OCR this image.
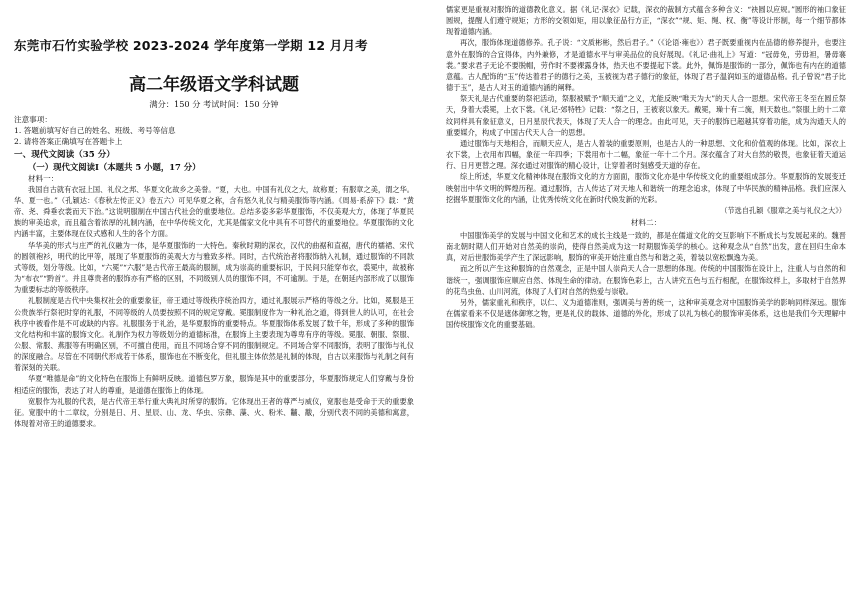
东莞市石竹实验学校 2023-2024 学年度第一学期 12 月月考
高二年级语文学科试题
满分：150 分 考试时间：150 分钟

注意事项：

1. 答题前填写好自己的姓名、班级、考号等信息

2. 请将答案正确填写在答题卡上

一、现代文阅读（35 分）

（一）现代文阅读Ⅰ（本题共 5 小题，17 分）

材料一：

我国自古就有衣冠上国、礼仪之邦、华夏文化故乡之美誉。“夏，大也。中国有礼仪之大，故称夏；有服章之美，谓之华。华、夏一也。”（孔颖达：《春秋左传正义》卷五六）可见华夏之称，含有悠久礼仪与精美服饰等内涵。《周易·系辞下》载：“黄帝、尧、舜垂衣裳而天下治。”这说明服制在中国古代社会的重要地位。总结多姿多彩华夏服饰，不仅美观大方，体现了华夏民族的审美追求，而且蕴含着浓厚的礼制内涵，在中华传统文化，尤其是儒家文化中具有不可替代的重要地位。华夏服饰的文化内涵丰富，主要体现在仪式感和人生的各个方面。

华华美的形式与庄严的礼仪融为一体，是华夏服饰的一大特色。秦秋时期的深衣，汉代的曲裾和直裾，唐代的襦裙、宋代的圆领袍衫，明代的比甲等，展现了华夏服饰的美观大方与雅致多样。同时，古代统治者将服饰纳入礼制，通过服饰的不同款式等级，划分等级。比如，“六冕”“六服”是古代帝王最高的服制，成为崇高的重要标识，于民间只能穿布衣，裘冕中，故被称为“布衣”“黔首”。并且尊贵者的服饰亦有严格的区别，不同级别人员的服饰不同，不可逾制。于是，在朝延内部形成了以服饰为重要标志的等级秩序。

礼服制度是古代中央集权社会的重要象征，帝王通过等级秩序统治四方，通过礼服展示严格的等级之分。比如，冕服是王公贵族举行祭祀时穿的礼服，不同等级的人员要按照不同的规定穿戴。冕服制度作为一种礼治之道，得到世人的认可，在社会秩序中被看作是不可或缺的内容。礼服服务于礼治，是华夏服饰的重要特点。华夏服饰体系发展了数千年，形成了多种的服饰文化结构和丰富的服饰文化。礼制作为权力等级划分的道德标准，在服饰上主要表现为尊卑有序的等级。冕服、朝服、祭服、公服、常服、燕服等有明确区别，不可擅自使用，而且不同场合穿不同的服制规定。不同场合穿不同服饰，表明了服饰与礼仪的深度融合。尽管在不同朝代形成若干体系，服饰也在不断变化，但礼服主体依然是礼制的体现，自古以来服饰与礼制之间有着深刻的关联。

华夏“唯德是命”的文化特色在服饰上有鲜明反映。道德包罗万象，服饰是其中的重要部分，华夏服饰规定人们穿戴与身份相适应的服饰，表达了对人的尊重，是道德在服饰上的体现。

宽服作为礼服的代表，是古代帝王举行重大典礼时所穿的服饰。它体现出王者的尊严与威仪，宽服也是受命于天的重要象征。宽服中的十二章纹，分别是日、月、星辰、山、龙、华虫、宗彝、藻、火、粉米、黼、黻，分别代表不同的美德和寓意，体现着对帝王的道德要求。

儒家更是重视对服饰的道德教化意义。据《礼记·深衣》记载，深衣的裁制方式蕴含多种含义：“袂圆以应规。”圆形的袖口象征圆规，提醒人们遵守规矩；方形的交领如矩，用以象征品行方正，“深衣”“规、矩、绳、权、衡”等设计形制，每一个细节都体现着道德内涵。

再次，服饰体现道德修养。孔子说：“文质彬彬，然后君子。”（《论语·雍也》）君子既要重视内在品德的修养提升，也要注意外在服饰的合宜得体，内外兼修，才是道德水平与审美品位的良好展现。《礼记·曲礼上》写道：“冠毋免，劳毋袒，暑毋褰裳。”要求君子无论不要脱帽，劳作时不要裸露身体，热天也不要提起下裳。此外，佩饰是服饰的一部分，佩饰也有内在的道德意蕴。古人配饰的“玉”传达着君子的德行之美，玉被视为君子德行的象征，体现了君子温润如玉的道德品格。孔子曾说“君子比德于玉”，是古人对玉的道德内涵的阐释。

祭天礼是古代重要的祭祀活动，祭服被赋予“顺天道”之义，尤能反映“唯天为大”的天人合一思想。宋代帝王冬至在圆丘祭天，身着大裘冕，上衣下裳。《礼记·郊特牲》记载：“祭之日，王被衮以象天。戴冕，璪十有二旒，则天数也。”祭服上的十二章纹同样具有象征意义，日月星辰代表天，体现了天人合一的理念。由此可见，天子的服饰已超越其穿着功能，成为沟通天人的重要媒介，构成了中国古代天人合一的思想。

通过服饰与天地相合，而顺天应人，是古人着装的重要原则，也是古人的一种思想、文化和价值观的体现。比如，深衣上衣下裳，上衣用布四幅，象征一年四季；下裳用布十二幅，象征一年十二个月。深衣蕴含了对大自然的敬畏，也象征着天道运行、日月更替之理。深衣通过对服饰的精心设计，让穿着者时刻感受天道的存在。

综上所述，华夏文化精神体现在服饰文化的方方面面，服饰文化亦是中华传统文化的重要组成部分。华夏服饰的发展变迁映射出中华文明的辉煌历程。通过服饰，古人传达了对天地人和谐统一的理念追求，体现了中华民族的精神品格。我们应深入挖掘华夏服饰文化的内涵，让优秀传统文化在新时代焕发新的光彩。

（节选自孔颖《服章之美与礼仪之大》）

材料二：

中国服饰美学的发展与中国文化和艺术的成长主线是一致的，都是在儒道文化的交互影响下不断成长与发展起来的。魏晋南北朝时期人们开始对自然美的崇尚，使得自然美成为这一时期服饰美学的核心。这种观念从“自然”出发，意在回归生命本真，对后世服饰美学产生了深远影响，服饰的审美开始注重自然与和谐之美，着装以宽松飘逸为美。

而之所以产生这种服饰的自然观念，正是中国人崇尚天人合一思想的体现。传统的中国服饰在设计上，注重人与自然的和谐统一，强调服饰应顺应自然、体现生命的律动。在服饰色彩上，古人讲究五色与五行相配，在服饰纹样上，多取材于自然界的花鸟虫鱼、山川河流，体现了人们对自然的热爱与崇敬。

另外，儒家重礼和秩序，以仁、义为道德准则，强调美与善的统一，这种审美观念对中国服饰美学的影响同样深远。服饰在儒家看来不仅是遮体御寒之物，更是礼仪的载体、道德的外化，形成了以礼为核心的服饰审美体系，这也是我们今天理解中国传统服饰文化的重要基础。
